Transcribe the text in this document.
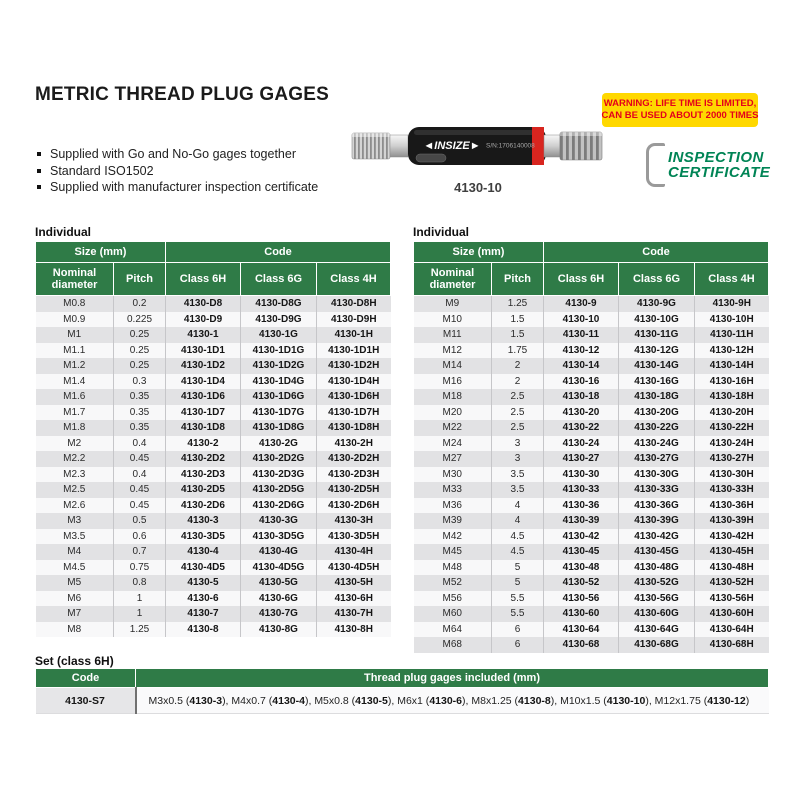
METRIC THREAD PLUG GAGES
Supplied with Go and No-Go gages together
Standard ISO1502
Supplied with manufacturer inspection certificate
◄INSIZE► S/N:1706140008
4130-10
WARNING: LIFE TIME IS LIMITED,
CAN BE USED ABOUT 2000 TIMES
INSPECTION
CERTIFICATE
Individual	Individual
Size (mm)		Code		
Nominal diameter	Pitch	Class 6H	Class 6G	Class 4H
M0.8	0.2	4130-D8	4130-D8G	4130-D8H
M0.9	0.225	4130-D9	4130-D9G	4130-D9H
M1	0.25	4130-1	4130-1G	4130-1H
M1.1	0.25	4130-1D1	4130-1D1G	4130-1D1H
M1.2	0.25	4130-1D2	4130-1D2G	4130-1D2H
M1.4	0.3	4130-1D4	4130-1D4G	4130-1D4H
M1.6	0.35	4130-1D6	4130-1D6G	4130-1D6H
M1.7	0.35	4130-1D7	4130-1D7G	4130-1D7H
M1.8	0.35	4130-1D8	4130-1D8G	4130-1D8H
M2	0.4	4130-2	4130-2G	4130-2H
M2.2	0.45	4130-2D2	4130-2D2G	4130-2D2H
M2.3	0.4	4130-2D3	4130-2D3G	4130-2D3H
M2.5	0.45	4130-2D5	4130-2D5G	4130-2D5H
M2.6	0.45	4130-2D6	4130-2D6G	4130-2D6H
M3	0.5	4130-3	4130-3G	4130-3H
M3.5	0.6	4130-3D5	4130-3D5G	4130-3D5H
M4	0.7	4130-4	4130-4G	4130-4H
M4.5	0.75	4130-4D5	4130-4D5G	4130-4D5H
M5	0.8	4130-5	4130-5G	4130-5H
M6	1	4130-6	4130-6G	4130-6H
M7	1	4130-7	4130-7G	4130-7H
M8	1.25	4130-8	4130-8G	4130-8H
Size (mm)		Code		
Nominal diameter	Pitch	Class 6H	Class 6G	Class 4H
M9	1.25	4130-9	4130-9G	4130-9H
M10	1.5	4130-10	4130-10G	4130-10H
M11	1.5	4130-11	4130-11G	4130-11H
M12	1.75	4130-12	4130-12G	4130-12H
M14	2	4130-14	4130-14G	4130-14H
M16	2	4130-16	4130-16G	4130-16H
M18	2.5	4130-18	4130-18G	4130-18H
M20	2.5	4130-20	4130-20G	4130-20H
M22	2.5	4130-22	4130-22G	4130-22H
M24	3	4130-24	4130-24G	4130-24H
M27	3	4130-27	4130-27G	4130-27H
M30	3.5	4130-30	4130-30G	4130-30H
M33	3.5	4130-33	4130-33G	4130-33H
M36	4	4130-36	4130-36G	4130-36H
M39	4	4130-39	4130-39G	4130-39H
M42	4.5	4130-42	4130-42G	4130-42H
M45	4.5	4130-45	4130-45G	4130-45H
M48	5	4130-48	4130-48G	4130-48H
M52	5	4130-52	4130-52G	4130-52H
M56	5.5	4130-56	4130-56G	4130-56H
M60	5.5	4130-60	4130-60G	4130-60H
M64	6	4130-64	4130-64G	4130-64H
M68	6	4130-68	4130-68G	4130-68H
Set (class 6H)
Code	Thread plug gages included (mm)
4130-S7	M3x0.5 (4130-3), M4x0.7 (4130-4), M5x0.8 (4130-5), M6x1 (4130-6), M8x1.25 (4130-8), M10x1.5 (4130-10), M12x1.75 (4130-12)
